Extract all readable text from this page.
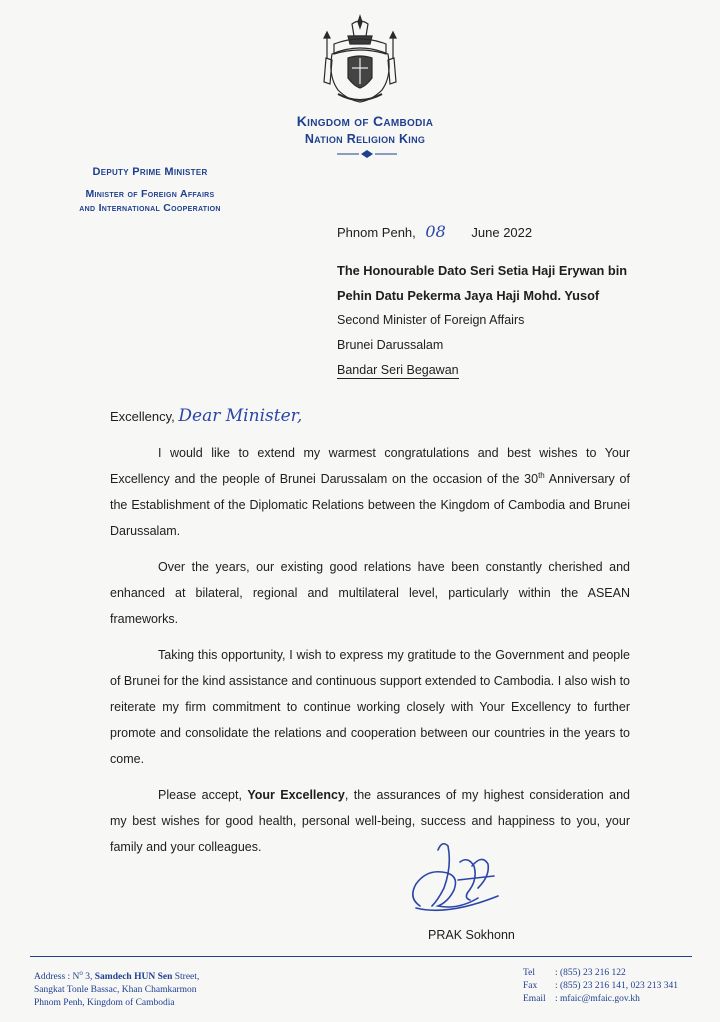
Kingdom of Cambodia
Nation Religion King
Deputy Prime Minister
Minister of Foreign Affairs
and International Cooperation
Phnom Penh, 08 June 2022
The Honourable Dato Seri Setia Haji Erywan bin
Pehin Datu Pekerma Jaya Haji Mohd. Yusof
Second Minister of Foreign Affairs
Brunei Darussalam
Bandar Seri Begawan
Excellency, Dear Minister,

I would like to extend my warmest congratulations and best wishes to Your Excellency and the people of Brunei Darussalam on the occasion of the 30th Anniversary of the Establishment of the Diplomatic Relations between the Kingdom of Cambodia and Brunei Darussalam.

Over the years, our existing good relations have been constantly cherished and enhanced at bilateral, regional and multilateral level, particularly within the ASEAN frameworks.

Taking this opportunity, I wish to express my gratitude to the Government and people of Brunei for the kind assistance and continuous support extended to Cambodia. I also wish to reiterate my firm commitment to continue working closely with Your Excellency to further promote and consolidate the relations and cooperation between our countries in the years to come.

Please accept, Your Excellency, the assurances of my highest consideration and my best wishes for good health, personal well-being, success and happiness to you, your family and your colleagues.

PRAK Sokhonn
Address : $N^o$ 3, Samdech HUN Sen Street,
Sangkat Tonle Bassac, Khan Chamkarmon
Phnom Penh, Kingdom of Cambodia
Tel	: (855) 23 216 122
Fax	: (855) 23 216 141, 023 213 341
Email : mfaic@mfaic.gov.kh
